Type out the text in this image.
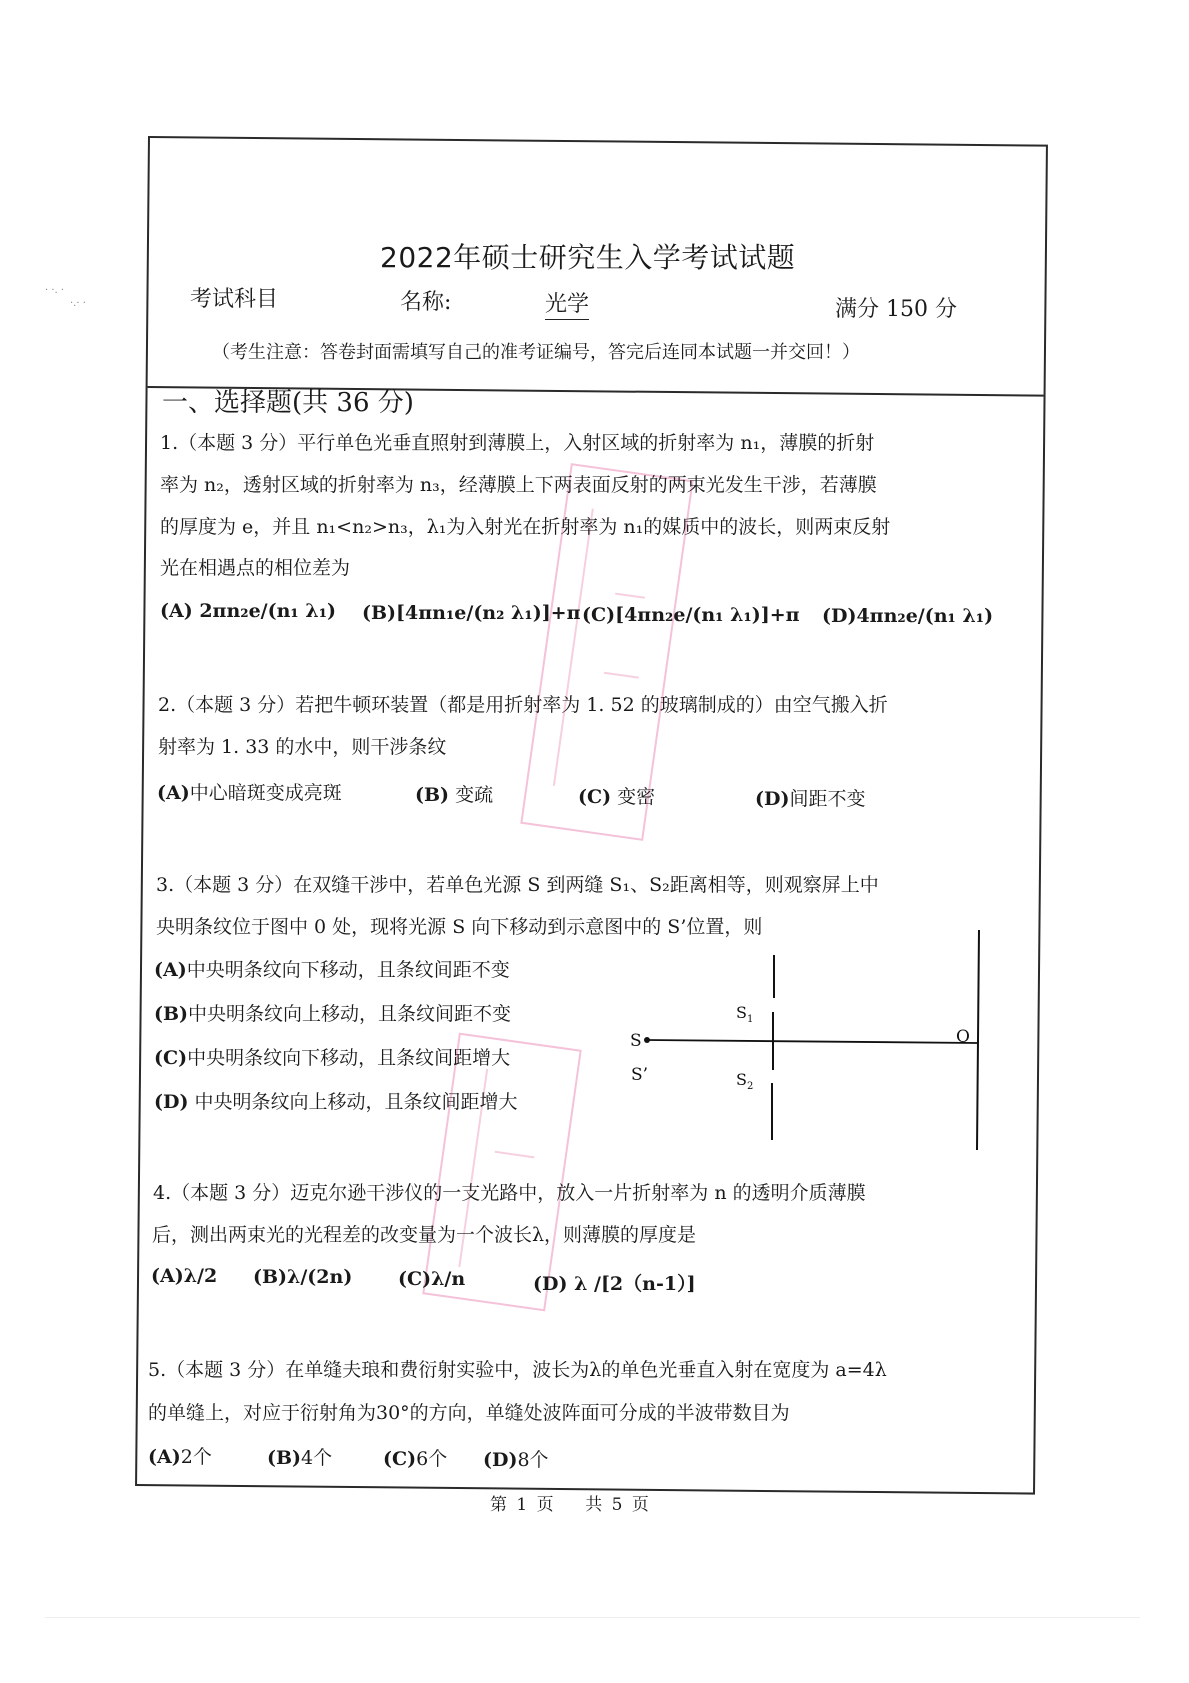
· ·. ·
·.· ·
2022年硕士研究生入学考试试题
考试科目	名称:	光学	满分 150 分
（考生注意：答卷封面需填写自己的准考证编号，答完后连同本试题一并交回！）
一、选择题(共 36 分)
1.（本题 3 分）平行单色光垂直照射到薄膜上，入射区域的折射率为 n₁，薄膜的折射
率为 n₂，透射区域的折射率为 n₃，经薄膜上下两表面反射的两束光发生干涉，若薄膜
的厚度为 e，并且 n₁<n₂>n₃，λ₁为入射光在折射率为 n₁的媒质中的波长，则两束反射
光在相遇点的相位差为
(A) 2πn₂e/(n₁ λ₁) (B)[4πn₁e/(n₂ λ₁)]+π (C)[4πn₂e/(n₁ λ₁)]+π (D)4πn₂e/(n₁ λ₁)
2.（本题 3 分）若把牛顿环装置（都是用折射率为 1. 52 的玻璃制成的）由空气搬入折
射率为 1. 33 的水中，则干涉条纹
(A)中心暗斑变成亮斑	(B) 变疏	(C) 变密	(D)间距不变
3.（本题 3 分）在双缝干涉中，若单色光源 S 到两缝 S₁、S₂距离相等，则观察屏上中
央明条纹位于图中 0 处，现将光源 S 向下移动到示意图中的 S’位置，则
(A)中央明条纹向下移动，且条纹间距不变
(B)中央明条纹向上移动，且条纹间距不变
(C)中央明条纹向下移动，且条纹间距增大
(D) 中央明条纹向上移动，且条纹间距增大
S
S’
$S_1$
$S_2$
O
4.（本题 3 分）迈克尔逊干涉仪的一支光路中，放入一片折射率为 n 的透明介质薄膜
后，测出两束光的光程差的改变量为一个波长λ，则薄膜的厚度是
(A)λ/2 (B)λ/(2n) (C)λ/n	(D) λ /[2（n-1）]
5.（本题 3 分）在单缝夫琅和费衍射实验中，波长为λ的单色光垂直入射在宽度为 a=4λ
的单缝上，对应于衍射角为30°的方向，单缝处波阵面可分成的半波带数目为
(A)2个	(B)4个	(C)6个 (D)8个
第 1 页    共 5 页
